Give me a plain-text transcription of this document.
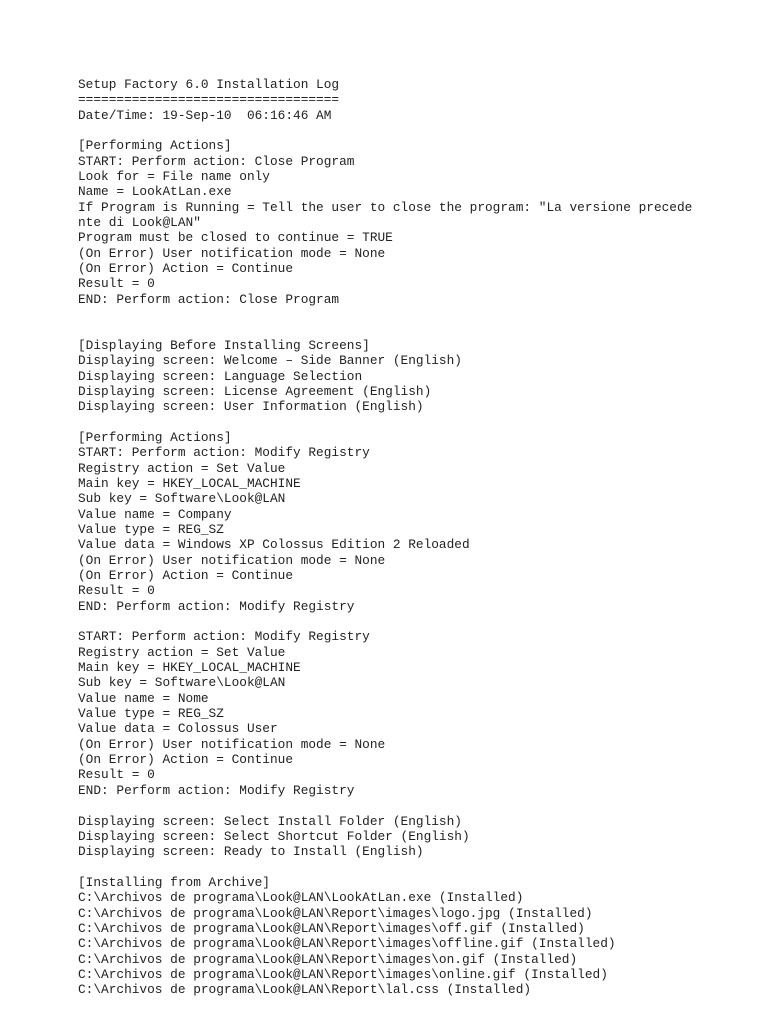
Setup Factory 6.0 Installation Log
==================================
Date/Time: 19-Sep-10  06:16:46 AM
[Performing Actions]
START: Perform action: Close Program
Look for = File name only
Name = LookAtLan.exe
If Program is Running = Tell the user to close the program: "La versione precede
nte di Look@LAN"
Program must be closed to continue = TRUE
(On Error) User notification mode = None
(On Error) Action = Continue
Result = 0
END: Perform action: Close Program
[Displaying Before Installing Screens]
Displaying screen: Welcome – Side Banner (English)
Displaying screen: Language Selection
Displaying screen: License Agreement (English)
Displaying screen: User Information (English)
[Performing Actions]
START: Perform action: Modify Registry
Registry action = Set Value
Main key = HKEY_LOCAL_MACHINE
Sub key = Software\Look@LAN
Value name = Company
Value type = REG_SZ
Value data = Windows XP Colossus Edition 2 Reloaded
(On Error) User notification mode = None
(On Error) Action = Continue
Result = 0
END: Perform action: Modify Registry
START: Perform action: Modify Registry
Registry action = Set Value
Main key = HKEY_LOCAL_MACHINE
Sub key = Software\Look@LAN
Value name = Nome
Value type = REG_SZ
Value data = Colossus User
(On Error) User notification mode = None
(On Error) Action = Continue
Result = 0
END: Perform action: Modify Registry
Displaying screen: Select Install Folder (English)
Displaying screen: Select Shortcut Folder (English)
Displaying screen: Ready to Install (English)
[Installing from Archive]
C:\Archivos de programa\Look@LAN\LookAtLan.exe (Installed)
C:\Archivos de programa\Look@LAN\Report\images\logo.jpg (Installed)
C:\Archivos de programa\Look@LAN\Report\images\off.gif (Installed)
C:\Archivos de programa\Look@LAN\Report\images\offline.gif (Installed)
C:\Archivos de programa\Look@LAN\Report\images\on.gif (Installed)
C:\Archivos de programa\Look@LAN\Report\images\online.gif (Installed)
C:\Archivos de programa\Look@LAN\Report\lal.css (Installed)
